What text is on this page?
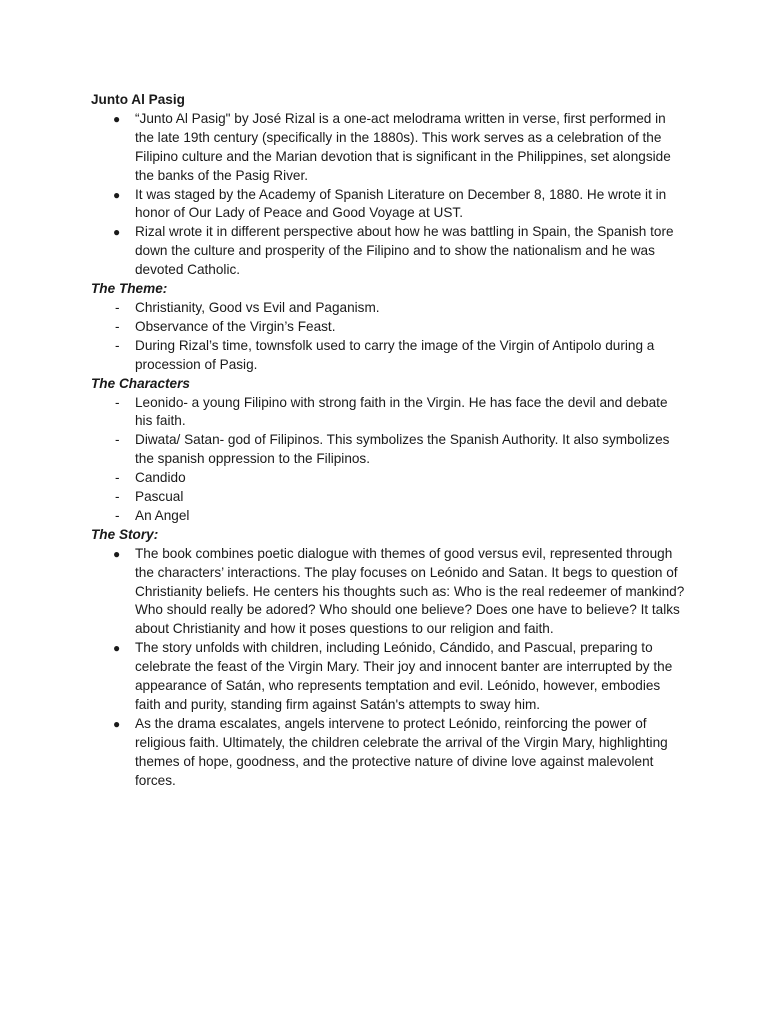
Junto Al Pasig

●	“Junto Al Pasig" by José Rizal is a one-act melodrama written in verse, first performed in the late 19th century (specifically in the 1880s). This work serves as a celebration of the Filipino culture and the Marian devotion that is significant in the Philippines, set alongside the banks of the Pasig River.
●	It was staged by the Academy of Spanish Literature on December 8, 1880. He wrote it in honor of Our Lady of Peace and Good Voyage at UST.
●	Rizal wrote it in different perspective about how he was battling in Spain, the Spanish tore down the culture and prosperity of the Filipino and to show the nationalism and he was devoted Catholic.

The Theme:

-	Christianity, Good vs Evil and Paganism.
-	Observance of the Virgin’s Feast.
-	During Rizal’s time, townsfolk used to carry the image of the Virgin of Antipolo during a procession of Pasig.

The Characters

-	Leonido- a young Filipino with strong faith in the Virgin. He has face the devil and debate his faith.
-	Diwata/ Satan- god of Filipinos. This symbolizes the Spanish Authority. It also symbolizes the spanish oppression to the Filipinos.
-	Candido
-	Pascual
-	An Angel

The Story:

●	The book combines poetic dialogue with themes of good versus evil, represented through the characters’ interactions. The play focuses on Leónido and Satan. It begs to question of Christianity beliefs. He centers his thoughts such as: Who is the real redeemer of mankind? Who should really be adored? Who should one believe? Does one have to believe? It talks about Christianity and how it poses questions to our religion and faith.
●	The story unfolds with children, including Leónido, Cándido, and Pascual, preparing to celebrate the feast of the Virgin Mary. Their joy and innocent banter are interrupted by the appearance of Satán, who represents temptation and evil. Leónido, however, embodies faith and purity, standing firm against Satán's attempts to sway him.
●	As the drama escalates, angels intervene to protect Leónido, reinforcing the power of religious faith. Ultimately, the children celebrate the arrival of the Virgin Mary, highlighting themes of hope, goodness, and the protective nature of divine love against malevolent forces.
